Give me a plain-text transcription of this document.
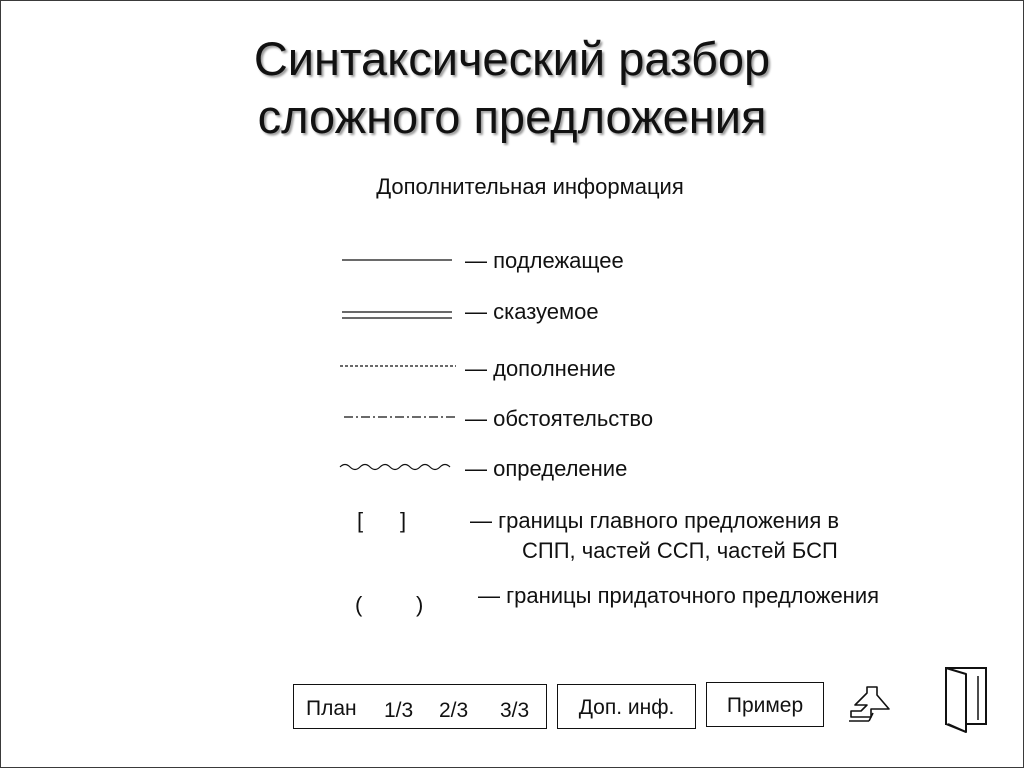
Синтаксический разбор
сложного предложения
Дополнительная информация
— подлежащее
— сказуемое
— дополнение
— обстоятельство
— определение
[ ]	— границы главного предложения в
СПП, частей ССП, частей БСП
( ) — границы придаточного предложения
План 1/3 2/3 3/3	Доп. инф.	Пример
